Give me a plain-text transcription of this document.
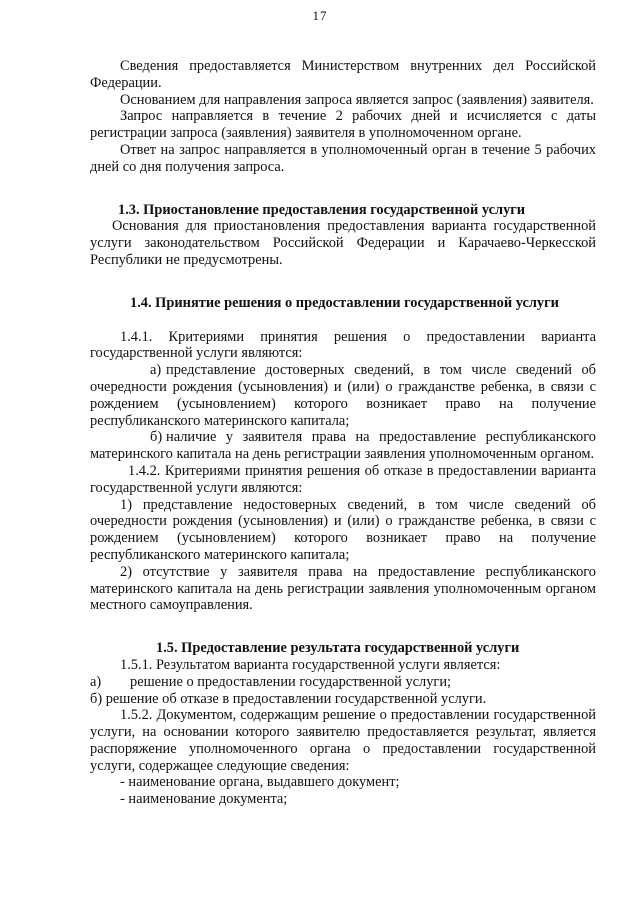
17

Сведения предоставляется Министерством внутренних дел Российской Федерации.

Основанием для направления запроса является запрос (заявления) заявителя.

Запрос направляется в течение 2 рабочих дней и исчисляется с даты регистрации запроса (заявления) заявителя в уполномоченном органе.

Ответ на запрос направляется в уполномоченный орган в течение 5 рабочих дней со дня получения запроса.

1.3. Приостановление предоставления государственной услуги

Основания для приостановления предоставления варианта государственной услуги законодательством Российской Федерации и Карачаево-Черкесской Республики не предусмотрены.

1.4. Принятие решения о предоставлении государственной услуги

1.4.1. Критериями принятия решения о предоставлении варианта государственной услуги являются:

а) представление достоверных сведений, в том числе сведений об очередности рождения (усыновления) и (или) о гражданстве ребенка, в связи с рождением (усыновлением) которого возникает право на получение республиканского материнского капитала;

б) наличие у заявителя права на предоставление республиканского материнского капитала на день регистрации заявления уполномоченным органом.

1.4.2. Критериями принятия решения об отказе в предоставлении варианта государственной услуги являются:

1) представление недостоверных сведений, в том числе сведений об очередности рождения (усыновления) и (или) о гражданстве ребенка, в связи с рождением (усыновлением) которого возникает право на получение республиканского материнского капитала;

2) отсутствие у заявителя права на предоставление республиканского материнского капитала на день регистрации заявления уполномоченным органом местного самоуправления.

1.5. Предоставление результата государственной услуги

1.5.1. Результатом варианта государственной услуги является:

а) решение о предоставлении государственной услуги;

б) решение об отказе в предоставлении государственной услуги.

1.5.2. Документом, содержащим решение о предоставлении государственной услуги, на основании которого заявителю предоставляется результат, является распоряжение уполномоченного органа о предоставлении государственной услуги, содержащее следующие сведения:

- наименование органа, выдавшего документ;

- наименование документа;
